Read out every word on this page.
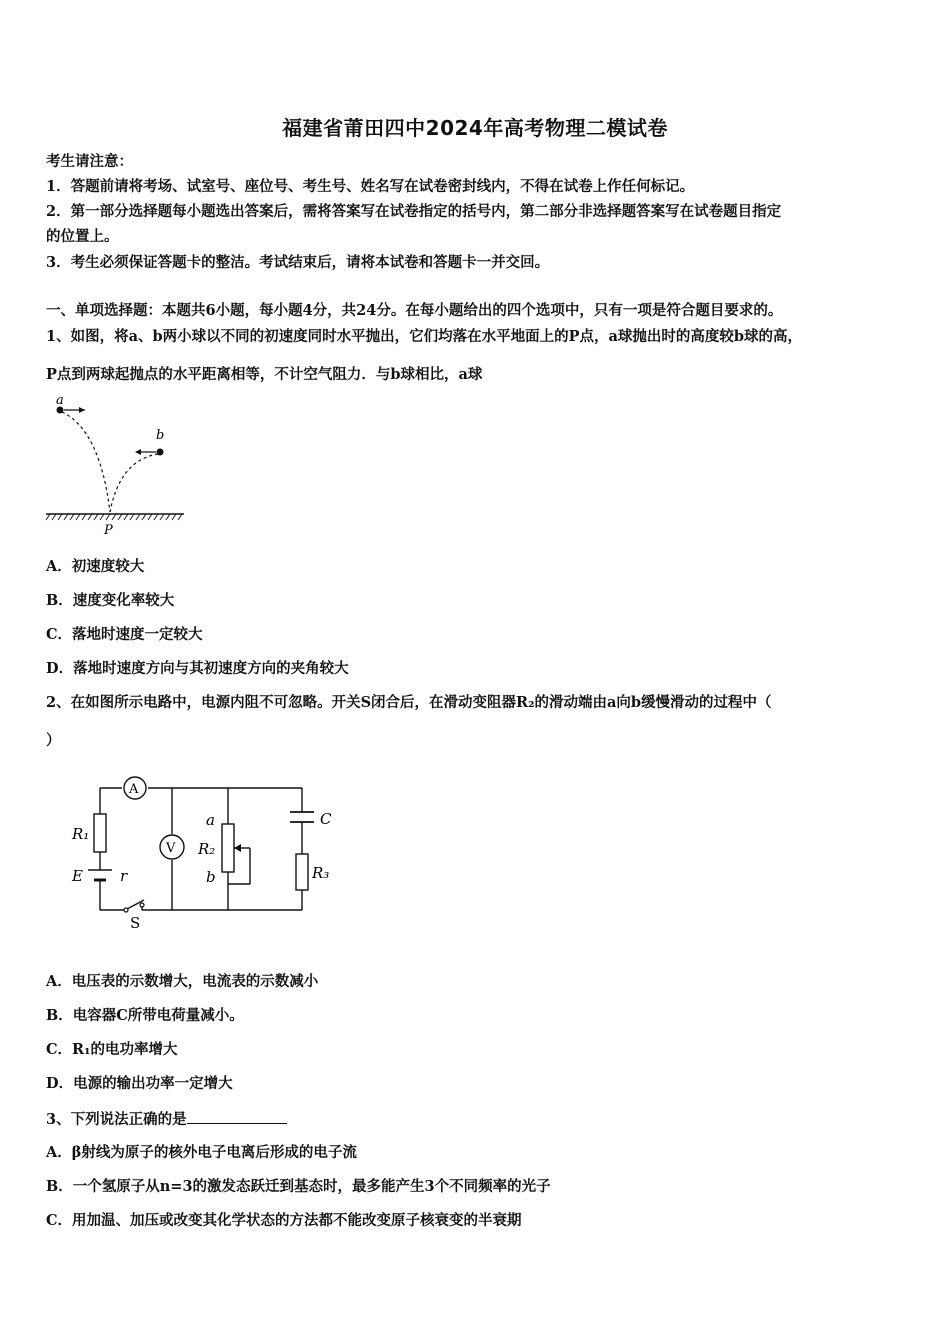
福建省莆田四中2024年高考物理二模试卷
考生请注意：
1．答题前请将考场、试室号、座位号、考生号、姓名写在试卷密封线内，不得在试卷上作任何标记。
2．第一部分选择题每小题选出答案后，需将答案写在试卷指定的括号内，第二部分非选择题答案写在试卷题目指定
的位置上。
3．考生必须保证答题卡的整洁。考试结束后，请将本试卷和答题卡一并交回。
一、单项选择题：本题共6小题，每小题4分，共24分。在每小题给出的四个选项中，只有一项是符合题目要求的。
1、如图，将a、b两小球以不同的初速度同时水平抛出，它们均落在水平地面上的P点，a球抛出时的高度较b球的高，
P点到两球起抛点的水平距离相等，不计空气阻力．与b球相比，a球
a
b
P
A．初速度较大
B．速度变化率较大
C．落地时速度一定较大
D．落地时速度方向与其初速度方向的夹角较大
2、在如图所示电路中，电源内阻不可忽略。开关S闭合后，在滑动变阻器R₂的滑动端由a向b缓慢滑动的过程中（
）
A
V
R₁
E r
S
R₂
a
b
C
R₃
A．电压表的示数增大，电流表的示数减小
B．电容器C所带电荷量减小。
C．R₁的电功率增大
D．电源的输出功率一定增大
3、下列说法正确的是
A．β射线为原子的核外电子电离后形成的电子流
B．一个氢原子从n=3的激发态跃迁到基态时，最多能产生3个不同频率的光子
C．用加温、加压或改变其化学状态的方法都不能改变原子核衰变的半衰期
